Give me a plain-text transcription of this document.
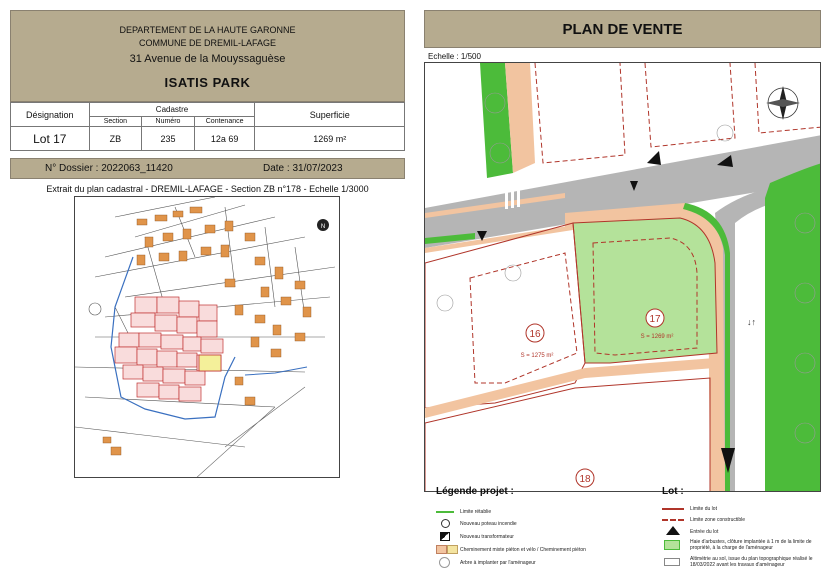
DEPARTEMENT DE LA HAUTE GARONNE
COMMUNE DE DREMIL-LAFAGE
31 Avenue de la Mouyssaguèse
ISATIS PARK
Désignation	Cadastre			Superficie
	Section	Numéro	Contenance	
Lot 17	ZB	235	12a 69	1269 m²
N° Dossier : 2022063_11420	Date : 31/07/2023
Extrait du plan cadastral - DREMIL-LAFAGE - Section ZB n°178 - Echelle 1/3000
N
PLAN DE VENTE
Echelle : 1/500
↓↑
16
S = 1275 m²
17
S = 1269 m²
18
Légende projet :	Lot :
Limite rétablie
Nouveau poteau incendie
Nouveau transformateur
Cheminement mixte piéton et vélo / Cheminement piéton
Arbre à implanter par l'aménageur
Limite du lot
Limite zone constructible
Entrée du lot
Haie d'arbustes, clôture implantée à 1 m de la limite de propriété, à la charge de l'aménageur
Altimétrie au sol, issue du plan topographique réalisé le 18/03/2022 avant les travaux d'aménageur
